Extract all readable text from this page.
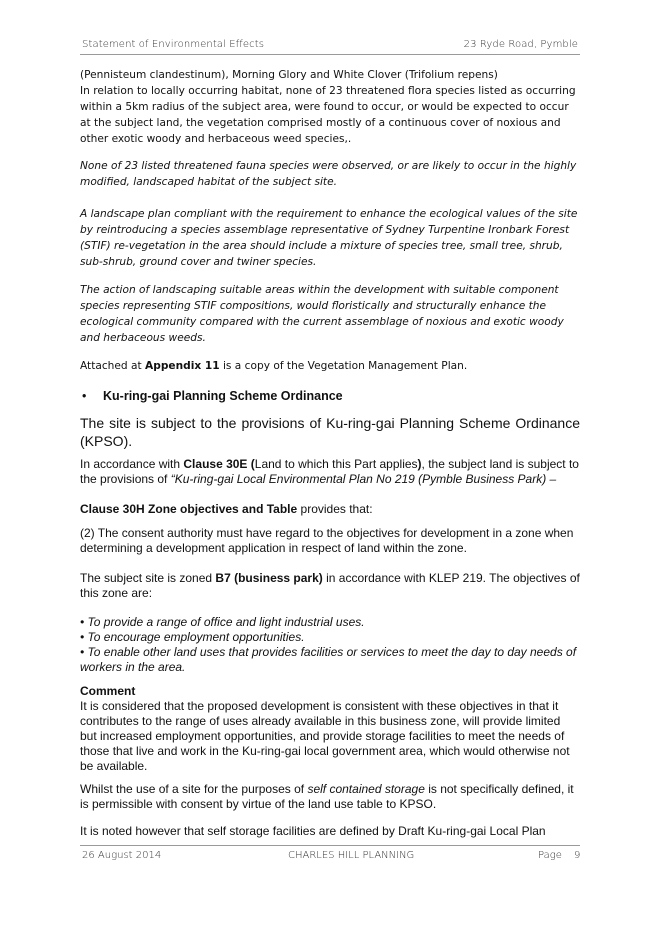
Statement of Environmental Effects	23 Ryde Road, Pymble

(Pennisteum clandestinum), Morning Glory and White Clover (Trifolium repens)

In relation to locally occurring habitat, none of 23 threatened flora species listed as occurring within a 5km radius of the subject area, were found to occur, or would be expected to occur at the subject land, the vegetation comprised mostly of a continuous cover of noxious and other exotic woody and herbaceous weed species,.

None of 23 listed threatened fauna species were observed, or are likely to occur in the highly modified, landscaped habitat of the subject site.

A landscape plan compliant with the requirement to enhance the ecological values of the site by reintroducing a species assemblage representative of Sydney Turpentine Ironbark Forest

(STIF) re-vegetation in the area should include a mixture of species tree, small tree, shrub, sub-shrub, ground cover and twiner species.

The action of landscaping suitable areas within the development with suitable component species representing STIF compositions, would floristically and structurally enhance the ecological community compared with the current assemblage of noxious and exotic woody and herbaceous weeds.
Attached at Appendix 11 is a copy of the Vegetation Management Plan.
• Ku-ring-gai Planning Scheme Ordinance
The site is subject to the provisions of Ku-ring-gai Planning Scheme Ordinance (KPSO).
In accordance with Clause 30E (Land to which this Part applies), the subject land is subject to the provisions of “Ku-ring-gai Local Environmental Plan No 219 (Pymble Business Park) –
Clause 30H Zone objectives and Table provides that:
(2) The consent authority must have regard to the objectives for development in a zone when determining a development application in respect of land within the zone.
The subject site is zoned B7 (business park) in accordance with KLEP 219. The objectives of this zone are:

• To provide a range of office and light industrial uses.

• To encourage employment opportunities.

• To enable other land uses that provides facilities or services to meet the day to day needs of workers in the area.

Comment

It is considered that the proposed development is consistent with these objectives in that it contributes to the range of uses already available in this business zone, will provide limited but increased employment opportunities, and provide storage facilities to meet the needs of those that live and work in the Ku-ring-gai local government area, which would otherwise not be available.

Whilst the use of a site for the purposes of self contained storage is not specifically defined, it is permissible with consent by virtue of the land use table to KPSO.
It is noted however that self storage facilities are defined by Draft Ku-ring-gai Local Plan
26 August 2014	CHARLES HILL PLANNING	Page 9
